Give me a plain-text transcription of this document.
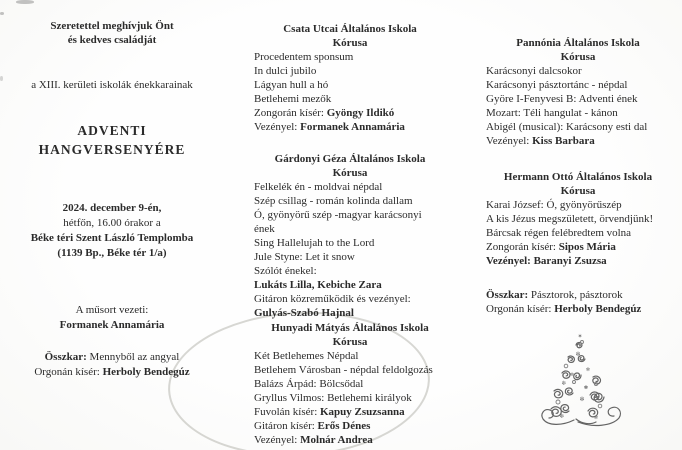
Szeretettel meghívjuk Önt
és kedves családját
a XIII. kerületi iskolák énekkarainak
ADVENTI
HANGVERSENYÉRE
2024. december 9-én,
hétfőn, 16.00 órakor a
Béke téri Szent László Templomba
(1139 Bp., Béke tér 1/a)
A műsort vezeti:
Formanek Annamária
Összkar: Mennyből az angyal
Orgonán kísér: Herboly Bendegúz
Csata Utcai Általános Iskola
Kórusa
Procedentem sponsum
In dulci jubilo
Lágyan hull a hó
Betlehemi mezők
Zongorán kísér: Gyöngy Ildikó
Vezényel: Formanek Annamária
Gárdonyi Géza Általános Iskola
Kórusa
Felkelék én - moldvai népdal
Szép csillag - román kolinda dallam
Ó, gyönyörű szép -magyar karácsonyi ének
Sing Hallelujah to the Lord
Jule Styne: Let it snow
Szólót énekel:
Lukáts Lilla, Kebiche Zara
Gitáron közreműködik és vezényel:
Gulyás-Szabó Hajnal
Hunyadi Mátyás Általános Iskola
Kórusa
Két Betlehemes Népdal
Betlehem Városban - népdal feldolgozás
Balázs Árpád: Bölcsődal
Gryllus Vilmos: Betlehemi királyok
Fuvolán kísér: Kapuy Zsuzsanna
Gitáron kísér: Erős Dénes
Vezényel: Molnár Andrea
Pannónia Általános Iskola
Kórusa
Karácsonyi dalcsokor
Karácsonyi pásztortánc - népdal
Györe I-Fenyvesi B: Adventi ének
Mozart: Téli hangulat - kánon
Abigél (musical): Karácsony esti dal
Vezényel: Kiss Barbara
Hermann Ottó Általános Iskola
Kórusa
Karai József: Ó, gyönyörűszép
A kis Jézus megszületett, örvendjünk!
Bárcsak régen felébredtem volna
Zongorán kísér: Sipos Mária
Vezényel: Baranyi Zsuzsa
Összkar: Pásztorok, pásztorok
Orgonán kísér: Herboly Bendegúz
✶
✻
✻
❄
✻
❄
✽
❄	✻
